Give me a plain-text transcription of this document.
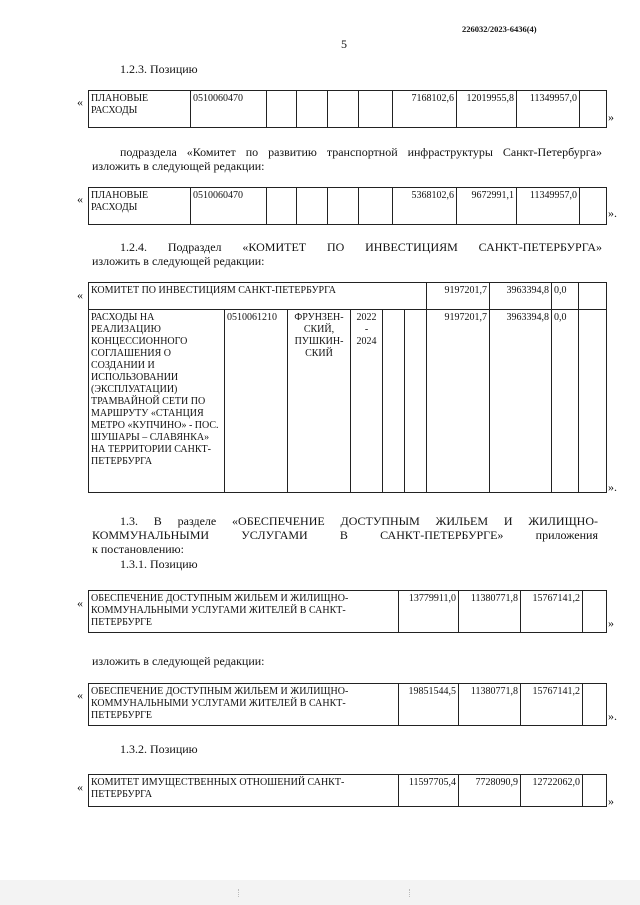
226032/2023-6436(4)
5
1.2.3. Позицию
« ПЛАНОВЫЕ РАСХОДЫ	0510060470					7168102,6	12019955,8	11349957,0	
»
подраздела «Комитет по развитию транспортной инфраструктуры Санкт-Петербурга»
изложить в следующей редакции:
« ПЛАНОВЫЕ РАСХОДЫ	0510060470					5368102,6	9672991,1	11349957,0	
».
1.2.4. Подраздел «КОМИТЕТ ПО ИНВЕСТИЦИЯМ САНКТ-ПЕТЕРБУРГА»
изложить в следующей редакции:
« КОМИТЕТ ПО ИНВЕСТИЦИЯМ САНКТ-ПЕТЕРБУРГА						9197201,7	3963394,8	0,0	
РАСХОДЫ НА РЕАЛИЗАЦИЮ КОНЦЕССИОННОГО СОГЛАШЕНИЯ О СОЗДАНИИ И ИСПОЛЬЗОВАНИИ (ЭКСПЛУАТАЦИИ) ТРАМВАЙНОЙ СЕТИ ПО МАРШРУТУ «СТАНЦИЯ МЕТРО «КУПЧИНО» - ПОС. ШУШАРЫ – СЛАВЯНКА» НА ТЕРРИТОРИИ САНКТ-ПЕТЕРБУРГА	0510061210	ФРУНЗЕН-СКИЙ, ПУШКИН-СКИЙ	2022
-
2024			9197201,7	3963394,8	0,0	
».
1.3. В разделе «ОБЕСПЕЧЕНИЕ ДОСТУПНЫМ ЖИЛЬЕМ И ЖИЛИЩНО-
КОММУНАЛЬНЫМИ УСЛУГАМИ В САНКТ-ПЕТЕРБУРГЕ» приложения
к постановлению:
1.3.1. Позицию
« ОБЕСПЕЧЕНИЕ ДОСТУПНЫМ ЖИЛЬЕМ И ЖИЛИЩНО-КОММУНАЛЬНЫМИ УСЛУГАМИ ЖИТЕЛЕЙ В САНКТ-ПЕТЕРБУРГЕ	13779911,0	11380771,8	15767141,2	
»
изложить в следующей редакции:
« ОБЕСПЕЧЕНИЕ ДОСТУПНЫМ ЖИЛЬЕМ И ЖИЛИЩНО-КОММУНАЛЬНЫМИ УСЛУГАМИ ЖИТЕЛЕЙ В САНКТ-ПЕТЕРБУРГЕ	19851544,5	11380771,8	15767141,2	
».
1.3.2. Позицию
« КОМИТЕТ ИМУЩЕСТВЕННЫХ ОТНОШЕНИЙ САНКТ-ПЕТЕРБУРГА	11597705,4	7728090,9	12722062,0	
»
